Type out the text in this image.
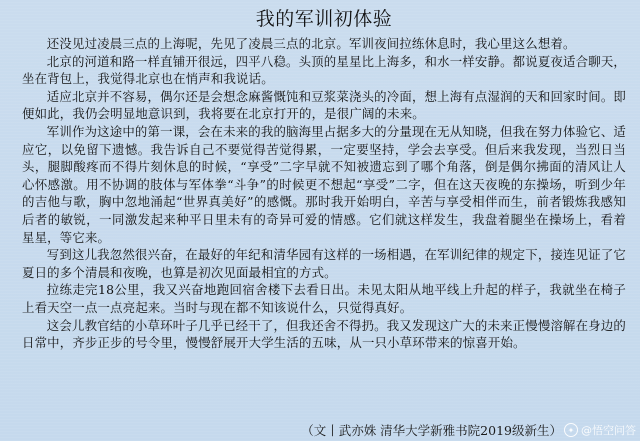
我的军训初体验

还没见过凌晨三点的上海呢，先见了凌晨三点的北京。军训夜间拉练休息时，我心里这么想着。

北京的河道和路一样直铺开很远，四平八稳。头顶的星星比上海多，和水一样安静。都说夏夜适合聊天，坐在背包上，我觉得北京也在悄声和我说话。

适应北京并不容易，偶尔还是会想念麻酱慨饨和豆浆菜浇头的冷面，想上海有点湿润的天和回家时间。即便如此，我仍会明显地意识到，我将要在北京打开的，是很广阔的未来。

军训作为这途中的第一课，会在未来的我的脑海里占据多大的分量现在无从知晓，但我在努力体验它、适应它，以免留下遗憾。我告诉自己不要觉得苦觉得累，一定要坚持，学会去享受。但后来我发现，当烈日当头，腿脚酸疼而不得片刻休息的时候，“享受”二字早就不知被遗忘到了哪个角落，倒是偶尔拂面的清风让人心怀感激。用不协调的肢体与军体拳“斗争”的时候更不想起“享受”二字，但在这天夜晚的东操场，听到少年的吉他与歌，胸中忽地涌起“世界真美好”的感慨。那时我开始明白，辛苦与享受相伴而生，前者锻炼我感知后者的敏锐，一同激发起来种平日里未有的奇异可爱的情感。它们就这样发生，我盘着腿坐在操场上，看着星星，等它来。

写到这儿我忽然很兴奋，在最好的年纪和清华园有这样的一场相遇，在军训纪律的规定下，接连见证了它夏日的多个清晨和夜晚，也算是初次见面最相宜的方式。

拉练走完18公里，我又兴奋地跑回宿舍楼下去看日出。未见太阳从地平线上升起的样子，我就坐在椅子上看天空一点一点亮起来。当时与现在都不知该说什么，只觉得真好。

这会儿教官结的小草环叶子几乎已经干了，但我还舍不得扔。我又发现这广大的未来正慢慢溶解在身边的日常中，齐步正步的号令里，慢慢舒展开大学生活的五味，从一只小草环带来的惊喜开始。

（文丨武亦姝 清华大学新雅书院2019级新生） ✦ @悟空问答
